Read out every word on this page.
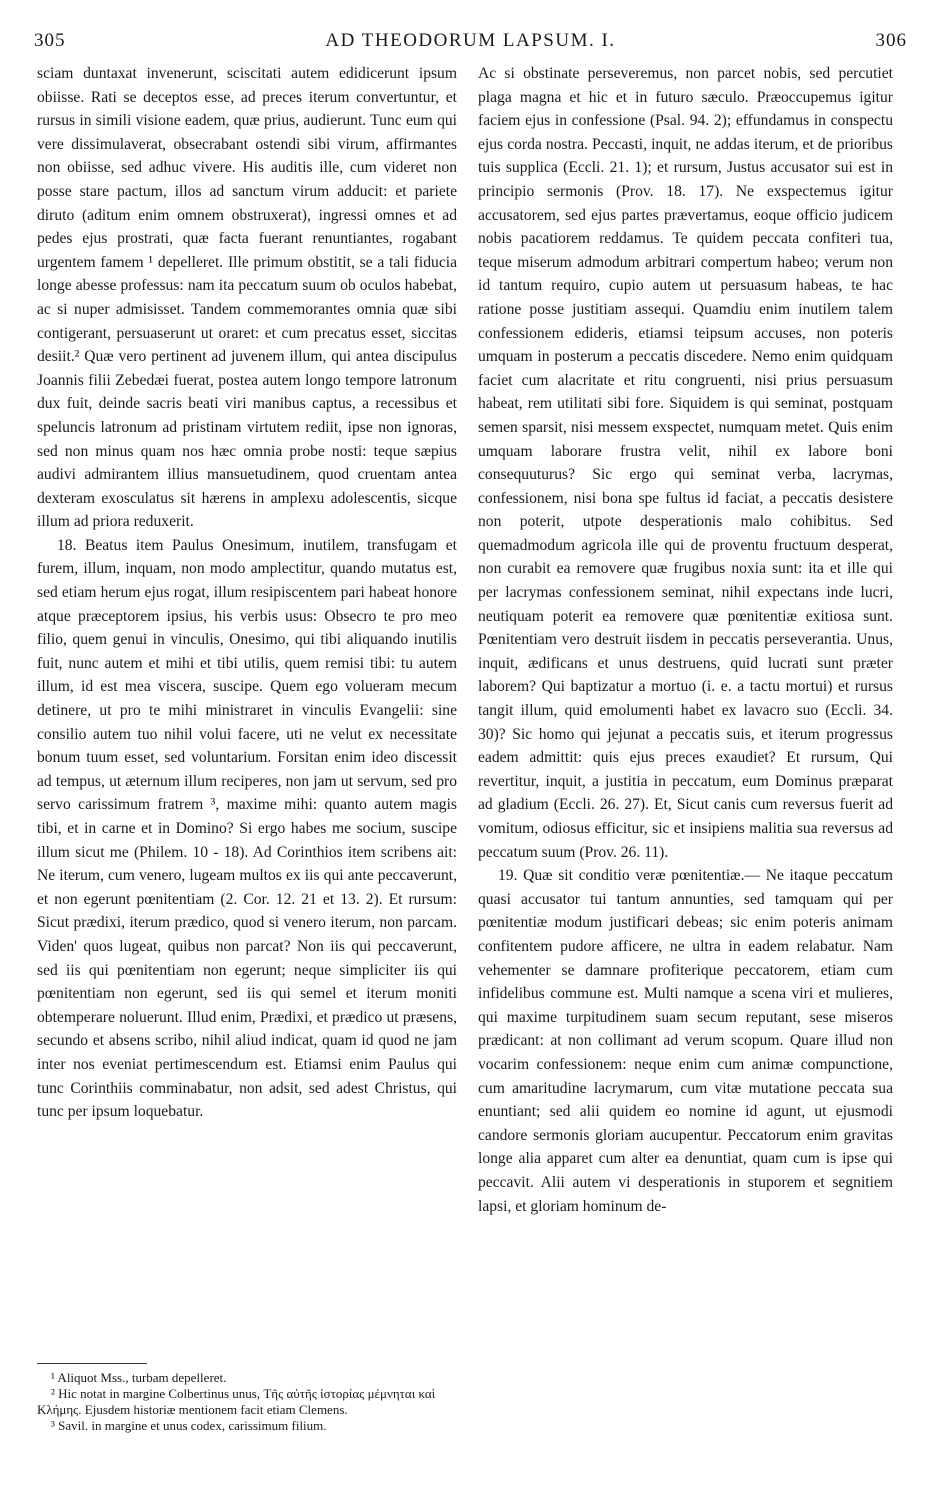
305	AD THEODORUM LAPSUM. I.	306

sciam duntaxat invenerunt, sciscitati autem edidicerunt ipsum obiisse. Rati se deceptos esse, ad preces iterum convertuntur, et rursus in simili visione eadem, quæ prius, audierunt. Tunc eum qui vere dissimulaverat, obsecrabant ostendi sibi virum, affirmantes non obiisse, sed adhuc vivere. His auditis ille, cum videret non posse stare pactum, illos ad sanctum virum adducit: et pariete diruto (aditum enim omnem obstruxerat), ingressi omnes et ad pedes ejus prostrati, quæ facta fuerant renuntiantes, rogabant urgentem famem ¹ depelleret. Ille primum obstitit, se a tali fiducia longe abesse professus: nam ita peccatum suum ob oculos habebat, ac si nuper admisisset. Tandem commemorantes omnia quæ sibi contigerant, persuaserunt ut oraret: et cum precatus esset, siccitas desiit.² Quæ vero pertinent ad juvenem illum, qui antea discipulus Joannis filii Zebedæi fuerat, postea autem longo tempore latronum dux fuit, deinde sacris beati viri manibus captus, a recessibus et speluncis latronum ad pristinam virtutem rediit, ipse non ignoras, sed non minus quam nos hæc omnia probe nosti: teque sæpius audivi admirantem illius mansuetudinem, quod cruentam antea dexteram exosculatus sit hærens in amplexu adolescentis, sicque illum ad priora reduxerit.

18. Beatus item Paulus Onesimum, inutilem, transfugam et furem, illum, inquam, non modo amplectitur, quando mutatus est, sed etiam herum ejus rogat, illum resipiscentem pari habeat honore atque præceptorem ipsius, his verbis usus: Obsecro te pro meo filio, quem genui in vinculis, Onesimo, qui tibi aliquando inutilis fuit, nunc autem et mihi et tibi utilis, quem remisi tibi: tu autem illum, id est mea viscera, suscipe. Quem ego volueram mecum detinere, ut pro te mihi ministraret in vinculis Evangelii: sine consilio autem tuo nihil volui facere, uti ne velut ex necessitate bonum tuum esset, sed voluntarium. Forsitan enim ideo discessit ad tempus, ut æternum illum reciperes, non jam ut servum, sed pro servo carissimum fratrem ³, maxime mihi: quanto autem magis tibi, et in carne et in Domino? Si ergo habes me socium, suscipe illum sicut me (Philem. 10 - 18). Ad Corinthios item scribens ait: Ne iterum, cum venero, lugeam multos ex iis qui ante peccaverunt, et non egerunt pœnitentiam (2. Cor. 12. 21 et 13. 2). Et rursum: Sicut prædixi, iterum prædico, quod si venero iterum, non parcam. Viden' quos lugeat, quibus non parcat? Non iis qui peccaverunt, sed iis qui pœnitentiam non egerunt; neque simpliciter iis qui pœnitentiam non egerunt, sed iis qui semel et iterum moniti obtemperare noluerunt. Illud enim, Prædixi, et prædico ut præsens, secundo et absens scribo, nihil aliud indicat, quam id quod ne jam inter nos eveniat pertimescendum est. Etiamsi enim Paulus qui tunc Corinthiis comminabatur, non adsit, sed adest Christus, qui tunc per ipsum loquebatur.

Ac si obstinate perseveremus, non parcet nobis, sed percutiet plaga magna et hic et in futuro sæculo. Præoccupemus igitur faciem ejus in confessione (Psal. 94. 2); effundamus in conspectu ejus corda nostra. Peccasti, inquit, ne addas iterum, et de prioribus tuis supplica (Eccli. 21. 1); et rursum, Justus accusator sui est in principio sermonis (Prov. 18. 17). Ne exspectemus igitur accusatorem, sed ejus partes prævertamus, eoque officio judicem nobis pacatiorem reddamus. Te quidem peccata confiteri tua, teque miserum admodum arbitrari compertum habeo; verum non id tantum requiro, cupio autem ut persuasum habeas, te hac ratione posse justitiam assequi. Quamdiu enim inutilem talem confessionem edideris, etiamsi teipsum accuses, non poteris umquam in posterum a peccatis discedere. Nemo enim quidquam faciet cum alacritate et ritu congruenti, nisi prius persuasum habeat, rem utilitati sibi fore. Siquidem is qui seminat, postquam semen sparsit, nisi messem exspectet, numquam metet. Quis enim umquam laborare frustra velit, nihil ex labore boni consequuturus? Sic ergo qui seminat verba, lacrymas, confessionem, nisi bona spe fultus id faciat, a peccatis desistere non poterit, utpote desperationis malo cohibitus. Sed quemadmodum agricola ille qui de proventu fructuum desperat, non curabit ea removere quæ frugibus noxia sunt: ita et ille qui per lacrymas confessionem seminat, nihil expectans inde lucri, neutiquam poterit ea removere quæ pœnitentiæ exitiosa sunt. Pœnitentiam vero destruit iisdem in peccatis perseverantia. Unus, inquit, ædificans et unus destruens, quid lucrati sunt præter laborem? Qui baptizatur a mortuo (i. e. a tactu mortui) et rursus tangit illum, quid emolumenti habet ex lavacro suo (Eccli. 34. 30)? Sic homo qui jejunat a peccatis suis, et iterum progressus eadem admittit: quis ejus preces exaudiet? Et rursum, Qui revertitur, inquit, a justitia in peccatum, eum Dominus præparat ad gladium (Eccli. 26. 27). Et, Sicut canis cum reversus fuerit ad vomitum, odiosus efficitur, sic et insipiens malitia sua reversus ad peccatum suum (Prov. 26. 11).

19. Quæ sit conditio veræ pœnitentiæ.— Ne itaque peccatum quasi accusator tui tantum annunties, sed tamquam qui per pœnitentiæ modum justificari debeas; sic enim poteris animam confitentem pudore afficere, ne ultra in eadem relabatur. Nam vehementer se damnare profiterique peccatorem, etiam cum infidelibus commune est. Multi namque a scena viri et mulieres, qui maxime turpitudinem suam secum reputant, sese miseros prædicant: at non collimant ad verum scopum. Quare illud non vocarim confessionem: neque enim cum animæ compunctione, cum amaritudine lacrymarum, cum vitæ mutatione peccata sua enuntiant; sed alii quidem eo nomine id agunt, ut ejusmodi candore sermonis gloriam aucupentur. Peccatorum enim gravitas longe alia apparet cum alter ea denuntiat, quam cum is ipse qui peccavit. Alii autem vi desperationis in stuporem et segnitiem lapsi, et gloriam hominum de-

¹ Aliquot Mss., turbam depelleret.

² Hic notat in margine Colbertinus unus, Τῆς αὐτῆς ἱστορίας μέμνηται καὶ Κλήμης. Ejusdem historiæ mentionem facit etiam Clemens.

³ Savil. in margine et unus codex, carissimum filium.
